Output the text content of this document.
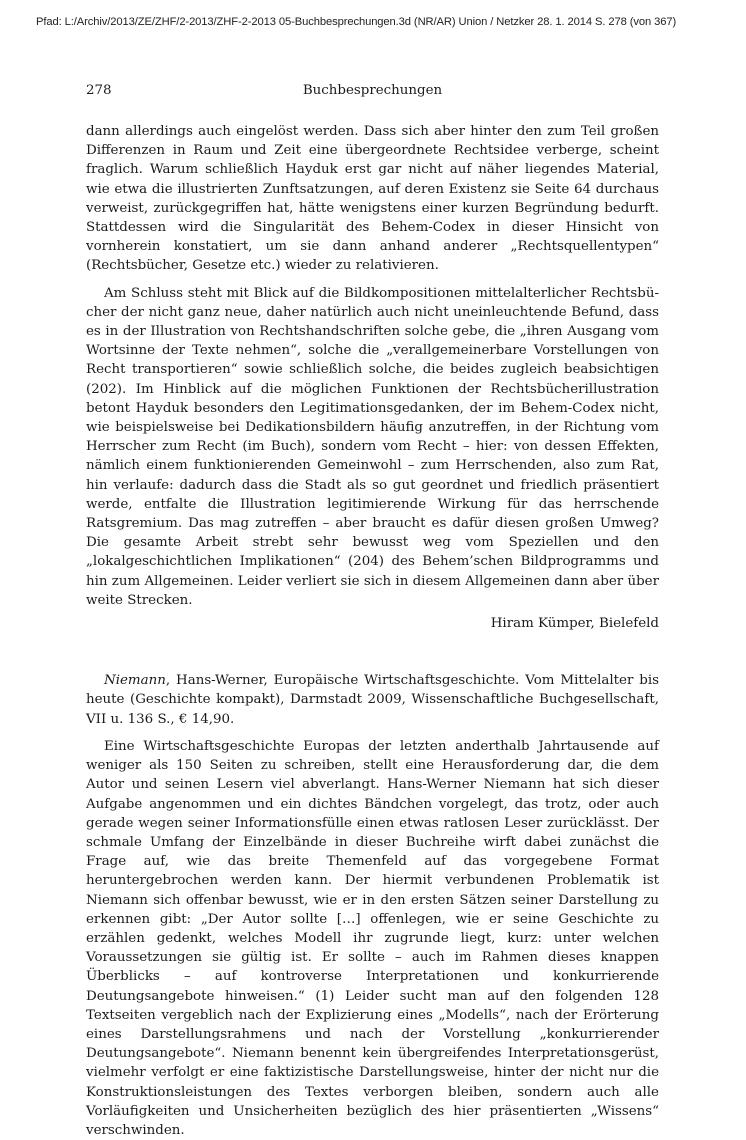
Pfad: L:/Archiv/2013/ZE/ZHF/2-2013/ZHF-2-2013 05-Buchbesprechungen.3d (NR/AR) Union / Netzker 28. 1. 2014 S. 278 (von 367)
278	Buchbesprechungen

dann allerdings auch eingelöst werden. Dass sich aber hinter den zum Teil großen Differenzen in Raum und Zeit eine übergeordnete Rechtsidee verberge, scheint fraglich. Warum schließlich Hayduk erst gar nicht auf näher liegendes Material, wie etwa die illustrierten Zunftsatzungen, auf deren Existenz sie Seite 64 durchaus verweist, zurückgegriffen hat, hätte wenigstens einer kurzen Begründung bedurft. Stattdessen wird die Singularität des Behem-Codex in dieser Hinsicht von vornherein konstatiert, um sie dann anhand anderer „Rechtsquellentypen“ (Rechtsbücher, Gesetze etc.) wieder zu relativieren.

Am Schluss steht mit Blick auf die Bildkompositionen mittelalterlicher Rechtsbücher der nicht ganz neue, daher natürlich auch nicht uneinleuchtende Befund, dass es in der Illustration von Rechtshandschriften solche gebe, die „ihren Ausgang vom Wortsinne der Texte nehmen“, solche die „verallgemeinerbare Vorstellungen von Recht transportieren“ sowie schließlich solche, die beides zugleich beabsichtigen (202). Im Hinblick auf die möglichen Funktionen der Rechtsbücherillustration betont Hayduk besonders den Legitimationsgedanken, der im Behem-Codex nicht, wie beispielsweise bei Dedikationsbildern häufig anzutreffen, in der Richtung vom Herrscher zum Recht (im Buch), sondern vom Recht – hier: von dessen Effekten, nämlich einem funktionierenden Gemeinwohl – zum Herrschenden, also zum Rat, hin verlaufe: dadurch dass die Stadt als so gut geordnet und friedlich präsentiert werde, entfalte die Illustration legitimierende Wirkung für das herrschende Ratsgremium. Das mag zutreffen – aber braucht es dafür diesen großen Umweg? Die gesamte Arbeit strebt sehr bewusst weg vom Speziellen und den „lokalgeschichtlichen Implikationen“ (204) des Behem’schen Bildprogramms und hin zum Allgemeinen. Leider verliert sie sich in diesem Allgemeinen dann aber über weite Strecken.

Hiram Kümper, Bielefeld

Niemann, Hans-Werner, Europäische Wirtschaftsgeschichte. Vom Mittelalter bis heute (Geschichte kompakt), Darmstadt 2009, Wissenschaftliche Buchgesellschaft, VII u. 136 S., € 14,90.

Eine Wirtschaftsgeschichte Europas der letzten anderthalb Jahrtausende auf weniger als 150 Seiten zu schreiben, stellt eine Herausforderung dar, die dem Autor und seinen Lesern viel abverlangt. Hans-Werner Niemann hat sich dieser Aufgabe angenommen und ein dichtes Bändchen vorgelegt, das trotz, oder auch gerade wegen seiner Informationsfülle einen etwas ratlosen Leser zurücklässt. Der schmale Umfang der Einzelbände in dieser Buchreihe wirft dabei zunächst die Frage auf, wie das breite Themenfeld auf das vorgegebene Format heruntergebrochen werden kann. Der hiermit verbundenen Problematik ist Niemann sich offenbar bewusst, wie er in den ersten Sätzen seiner Darstellung zu erkennen gibt: „Der Autor sollte […] offenlegen, wie er seine Geschichte zu erzählen gedenkt, welches Modell ihr zugrunde liegt, kurz: unter welchen Voraussetzungen sie gültig ist. Er sollte – auch im Rahmen dieses knappen Überblicks – auf kontroverse Interpretationen und konkurrierende Deutungsangebote hinweisen.“ (1) Leider sucht man auf den folgenden 128 Textseiten vergeblich nach der Explizierung eines „Modells“, nach der Erörterung eines Darstellungsrahmens und nach der Vorstellung „konkurrierender Deutungsangebote“. Niemann benennt kein übergreifendes Interpretationsgerüst, vielmehr verfolgt er eine faktizistische Darstellungsweise, hinter der nicht nur die Konstruktionsleistungen des Textes verborgen bleiben, sondern auch alle Vorläufigkeiten und Unsicherheiten bezüglich des hier präsentierten „Wissens“ verschwinden.
